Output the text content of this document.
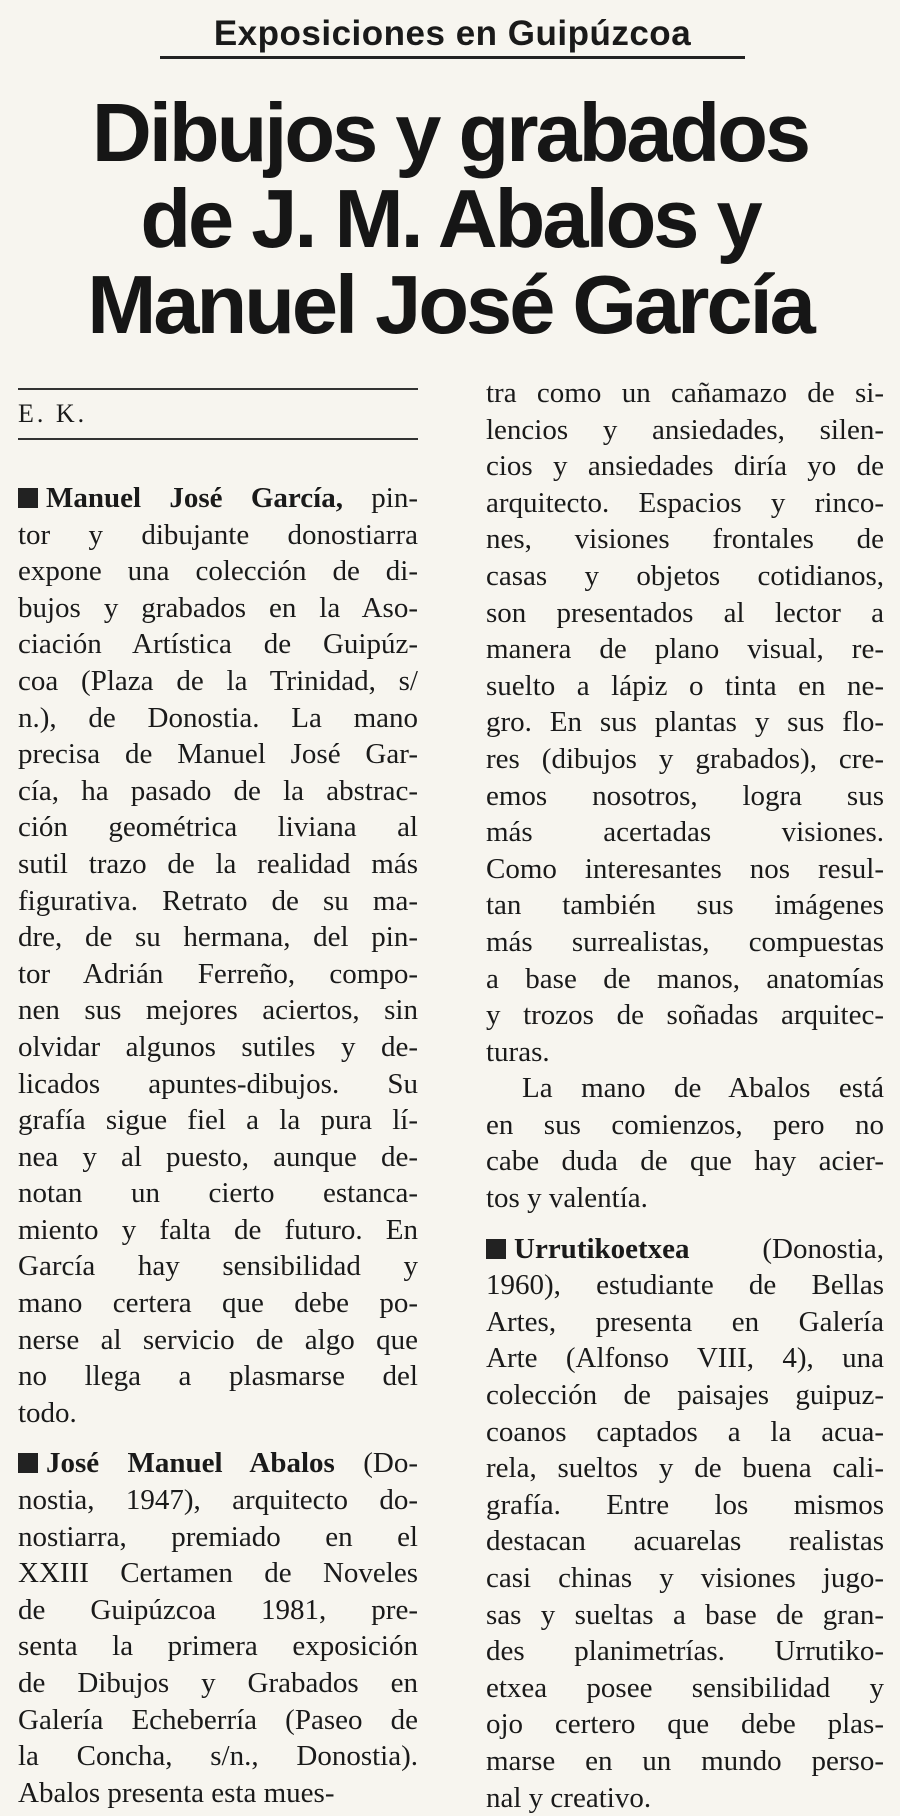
Exposiciones en Guipúzcoa
Dibujos y grabados
de J. M. Abalos y
Manuel José García
E. K.
Manuel José García, pin-
tor y dibujante donostiarra
expone una colección de di-
bujos y grabados en la Aso-
ciación Artística de Guipúz-
coa (Plaza de la Trinidad, s/
n.), de Donostia. La mano
precisa de Manuel José Gar-
cía, ha pasado de la abstrac-
ción geométrica liviana al
sutil trazo de la realidad más
figurativa. Retrato de su ma-
dre, de su hermana, del pin-
tor Adrián Ferreño, compo-
nen sus mejores aciertos, sin
olvidar algunos sutiles y de-
licados apuntes-dibujos. Su
grafía sigue fiel a la pura lí-
nea y al puesto, aunque de-
notan un cierto estanca-
miento y falta de futuro. En
García hay sensibilidad y
mano certera que debe po-
nerse al servicio de algo que
no llega a plasmarse del
todo.
José Manuel Abalos (Do-
nostia, 1947), arquitecto do-
nostiarra, premiado en el
XXIII Certamen de Noveles
de Guipúzcoa 1981, pre-
senta la primera exposición
de Dibujos y Grabados en
Galería Echeberría (Paseo de
la Concha, s/n., Donostia).
Abalos presenta esta mues-
tra como un cañamazo de si-
lencios y ansiedades, silen-
cios y ansiedades diría yo de
arquitecto. Espacios y rinco-
nes, visiones frontales de
casas y objetos cotidianos,
son presentados al lector a
manera de plano visual, re-
suelto a lápiz o tinta en ne-
gro. En sus plantas y sus flo-
res (dibujos y grabados), cre-
emos nosotros, logra sus
más acertadas visiones.
Como interesantes nos resul-
tan también sus imágenes
más surrealistas, compuestas
a base de manos, anatomías
y trozos de soñadas arquitec-
turas.
La mano de Abalos está
en sus comienzos, pero no
cabe duda de que hay acier-
tos y valentía.
Urrutikoetxea (Donostia,
1960), estudiante de Bellas
Artes, presenta en Galería
Arte (Alfonso VIII, 4), una
colección de paisajes guipuz-
coanos captados a la acua-
rela, sueltos y de buena cali-
grafía. Entre los mismos
destacan acuarelas realistas
casi chinas y visiones jugo-
sas y sueltas a base de gran-
des planimetrías. Urrutiko-
etxea posee sensibilidad y
ojo certero que debe plas-
marse en un mundo perso-
nal y creativo.
